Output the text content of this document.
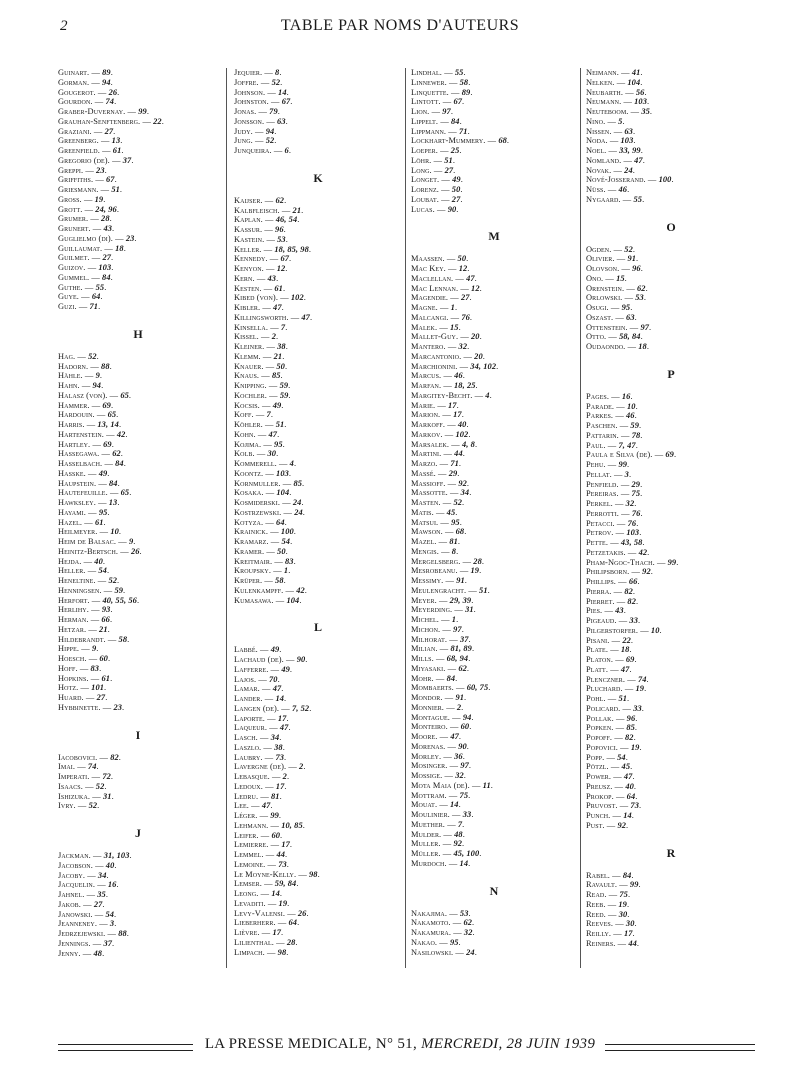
2	TABLE PAR NOMS D'AUTEURS
Guinart. — 89.
Gorman. — 94.
Gougerot. — 26.
Gourdon. — 74.
Graber-Duvernay. — 99.
Grauhan-Senftenberg. — 22.
Graziani. — 27.
Greenberg. — 13.
Greenfield. — 61.
Gregorio (de). — 37.
Greppi. — 23.
Griffiths. — 67.
Griesmann. — 51.
Gross. — 19.
Grott. — 24, 96.
Grumer. — 28.
Grunert. — 43.
Guglielmo (di). — 23.
Guillaumat. — 18.
Guilmet. — 27.
Guizov. — 103.
Gummel. — 84.
Guthe. — 55.
Guye. — 64.
Guzi. — 71.
H
Hag. — 52.
Hadorn. — 88.
Hähle. — 9.
Hahn. — 94.
Halasz (von). — 65.
Hammer. — 69.
Hardouin. — 65.
Harris. — 13, 14.
Hartenstein. — 42.
Hartley. — 69.
Hassegawa. — 62.
Hasselbach. — 84.
Hasske. — 49.
Haupstein. — 84.
Hautefeuille. — 65.
Hawksley. — 13.
Hayami. — 95.
Hazel. — 61.
Heilmeyer. — 10.
Heim de Balsac. — 9.
Heinitz-Bertsch. — 26.
Hejda. — 40.
Heller. — 54.
Heneltine. — 52.
Henningsen. — 59.
Herfort. — 40, 55, 56.
Herlihy. — 93.
Herman. — 66.
Hetzar. — 21.
Hildebrandt. — 58.
Hippe. — 9.
Hoesch. — 60.
Hoff. — 83.
Hopkins. — 61.
Hotz. — 101.
Huard. — 27.
Hybbinette. — 23.
I
Iacobovici. — 82.
Imai. — 74.
Imperati. — 72.
Isaacs. — 52.
Ishizuka. — 31.
Ivry. — 52.
J
Jackman. — 31, 103.
Jacobson. — 40.
Jacoby. — 34.
Jacquelin. — 16.
Jahnel. — 35.
Jakob. — 27.
Janowski. — 54.
Jeanneney. — 3.
Jedrzejewski. — 88.
Jennings. — 37.
Jenny. — 48.
Jequier. — 8.
Joffre. — 52.
Johnson. — 14.
Johnston. — 67.
Jonas. — 79.
Jonsson. — 63.
Judy. — 94.
Jung. — 52.
Junqueira. — 6.
K
Kaijser. — 62.
Kalbfleisch. — 21.
Kaplan. — 46, 54.
Kassur. — 96.
Kastein. — 53.
Keller. — 18, 85, 98.
Kennedy. — 67.
Kenyon. — 12.
Kern. — 43.
Kesten. — 61.
Kibed (von). — 102.
Kibler. — 47.
Killingsworth. — 47.
Kinsella. — 7.
Kissel. — 2.
Kleiner. — 38.
Klemm. — 21.
Knauer. — 50.
Knaus. — 85.
Knipping. — 59.
Kochler. — 59.
Kocsis. — 49.
Koff. — 7.
Köhler. — 51.
Kohn. — 47.
Kojima. — 95.
Kolb. — 30.
Kommerell. — 4.
Koontz. — 103.
Kornmuller. — 85.
Kosaka. — 104.
Kosmiderski. — 24.
Kostrzewski. — 24.
Kotyza. — 64.
Krainick. — 100.
Kramarz. — 54.
Kramer. — 50.
Kreitmair. — 83.
Kroupsky. — 1.
Krüper. — 58.
Kulenkampff. — 42.
Kumasawa. — 104.
L
Labbé. — 49.
Lachaud (de). — 90.
Lafferre. — 49.
Lajos. — 70.
Lamar. — 47.
Lander. — 14.
Langen (de). — 7, 52.
Laporte. — 17.
Laqueur. — 47.
Lasch. — 34.
Laszlo. — 38.
Laubry. — 73.
Lavergne (de). — 2.
Lebasque. — 2.
Ledoux. — 17.
Ledru. — 81.
Lee. — 47.
Léger. — 99.
Lehmann. — 10, 85.
Leifer. — 60.
Lemierre. — 17.
Lemmel. — 44.
Lemoine. — 73.
Le Moyne-Kelly. — 98.
Lemser. — 59, 84.
Leong. — 14.
Levaditi. — 19.
Levy-Valensi. — 26.
Lieberherr. — 64.
Lièvre. — 17.
Lilienthal. — 28.
Limpach. — 98.
Lindhal. — 55.
Linnewer. — 58.
Linquette. — 89.
Lintott. — 67.
Lion. — 97.
Lippelt. — 84.
Lippmann. — 71.
Lockhart-Mummery. — 68.
Loeper. — 25.
Löhr. — 51.
Long. — 27.
Longet. — 49.
Lorenz. — 50.
Loubat. — 27.
Lucas. — 90.
M
Maassen. — 50.
Mac Key. — 12.
Maclellan. — 47.
Mac Lennan. — 12.
Magendie. — 27.
Magne. — 1.
Malcangi. — 76.
Malek. — 15.
Mallet-Guy. — 20.
Mantero. — 32.
Marcantonio. — 20.
Marchionini. — 34, 102.
Marcus. — 46.
Marfan. — 18, 25.
Margitey-Becht. — 4.
Marie. — 17.
Marion. — 17.
Markoff. — 40.
Markov. — 102.
Marsalek. — 4, 8.
Martini. — 44.
Marzo. — 71.
Massé. — 29.
Massioff. — 92.
Massotte. — 34.
Masten. — 52.
Matis. — 45.
Matsui. — 95.
Mawson. — 68.
Mazel. — 81.
Mengis. — 8.
Mergelsberg. — 28.
Mesrobeanu. — 19.
Messimy. — 91.
Meulengracht. — 51.
Meyer. — 29, 39.
Meyerding. — 31.
Michel. — 1.
Michon. — 97.
Milhorat. — 37.
Milian. — 81, 89.
Mills. — 68, 94.
Miyasaki. — 62.
Mohr. — 84.
Mombaerts. — 60, 75.
Mondor. — 91.
Monnier. — 2.
Montague. — 94.
Monteiro. — 60.
Moore. — 47.
Morenas. — 90.
Morley. — 36.
Mosinger. — 97.
Mossige. — 32.
Mota Maia (de). — 11.
Mottram. — 75.
Mouat. — 14.
Moulinier. — 33.
Muether. — 7.
Mulder. — 48.
Muller. — 92.
Müller. — 45, 100.
Murdoch. — 14.
N
Nakajima. — 53.
Nakamoto. — 62.
Nakamura. — 32.
Nakao. — 95.
Nasilowski. — 24.
Neimann. — 41.
Nelken. — 104.
Neubarth. — 56.
Neumann. — 103.
Neuteboom. — 35.
Nino. — 5.
Nissen. — 63.
Noda. — 103.
Noel. — 33, 99.
Nomland. — 47.
Novak. — 24.
Nové-Josserand. — 100.
Nüss. — 46.
Nygaard. — 55.
O
Ogden. — 52.
Olivier. — 91.
Olovson. — 96.
Ono. — 15.
Orenstein. — 62.
Orlowski. — 53.
Osugi. — 95.
Oszast. — 63.
Ottenstein. — 97.
Otto. — 58, 84.
Oudaondo. — 18.
P
Pages. — 16.
Parade. — 10.
Parkes. — 46.
Paschen. — 59.
Pattarin. — 78.
Paul. — 7, 47.
Paula e Silva (de). — 69.
Pehu. — 99.
Pellat. — 3.
Penfield. — 29.
Pereiras. — 75.
Perkel. — 32.
Perrotti. — 76.
Petacci. — 76.
Petrov. — 103.
Pette. — 43, 58.
Petzetakis. — 42.
Pham-Ngoc-Thach. — 99.
Philipsborn. — 92.
Phillips. — 66.
Pierra. — 82.
Pierret. — 82.
Pies. — 43.
Pigeaud. — 33.
Pilgerstorfer. — 10.
Pisani. — 22.
Plate. — 18.
Platon. — 69.
Platt. — 47.
Plenczner. — 74.
Pluchard. — 19.
Pohl. — 51.
Policard. — 33.
Pollak. — 96.
Popken. — 85.
Popoff. — 82.
Popovici. — 19.
Popp. — 54.
Pötzl. — 45.
Power. — 47.
Preusz. — 40.
Prokop. — 64.
Pruvost. — 73.
Punch. — 14.
Pust. — 92.
R
Rabel. — 84.
Ravault. — 99.
Read. — 75.
Reeb. — 19.
Reed. — 30.
Reeves. — 30.
Reilly. — 17.
Reiners. — 44.
LA PRESSE MEDICALE, N° 51, MERCREDI, 28 JUIN 1939
